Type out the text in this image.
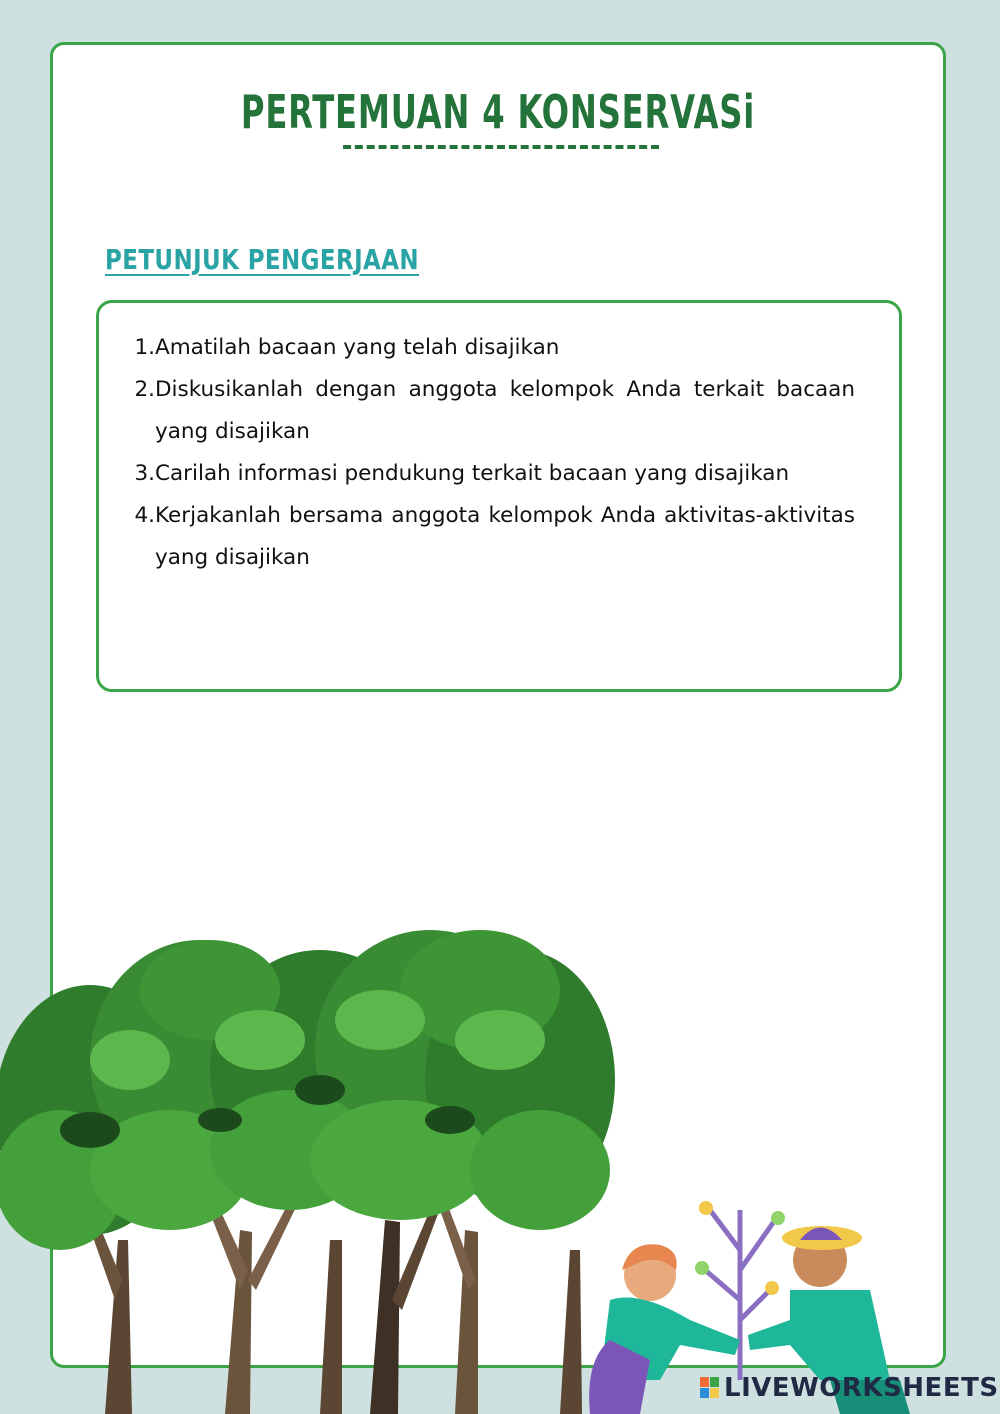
PERTEMUAN 4 KONSERVASi
PETUNJUK PENGERJAAN
1. Amatilah bacaan yang telah disajikan
2. Diskusikanlah dengan anggota kelompok Anda terkait bacaan yang disajikan
3. Carilah informasi pendukung terkait bacaan yang disajikan
4. Kerjakanlah bersama anggota kelompok Anda aktivitas-aktivitas yang disajikan
LIVEWORKSHEETS
